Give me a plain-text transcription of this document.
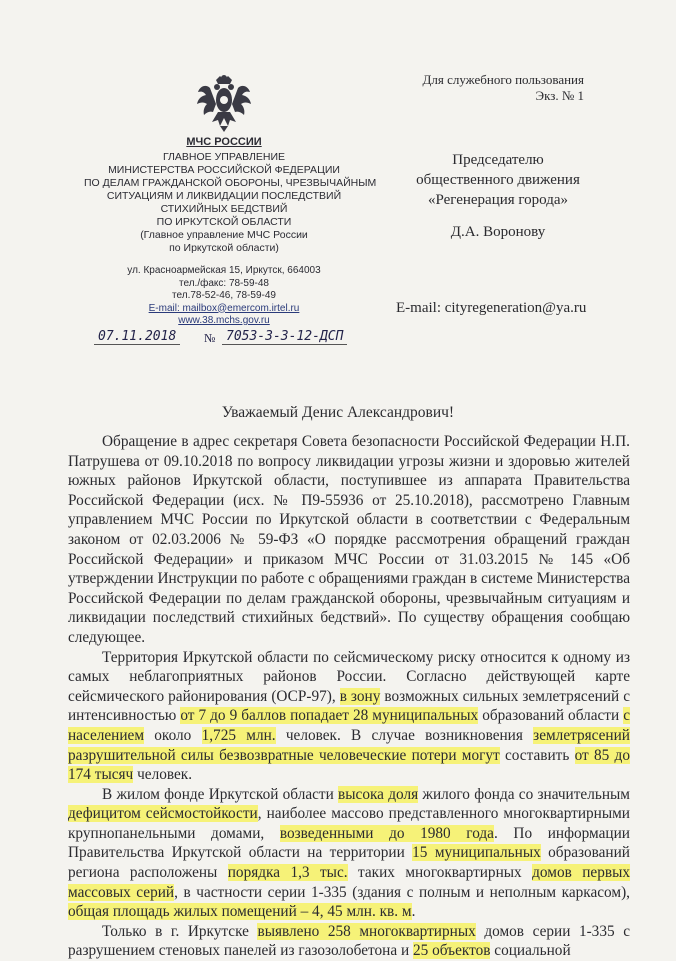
МЧС РОССИИ
ГЛАВНОЕ УПРАВЛЕНИЕ
МИНИСТЕРСТВА РОССИЙСКОЙ ФЕДЕРАЦИИ
ПО ДЕЛАМ ГРАЖДАНСКОЙ ОБОРОНЫ, ЧРЕЗВЫЧАЙНЫМ
СИТУАЦИЯМ И ЛИКВИДАЦИИ ПОСЛЕДСТВИЙ
СТИХИЙНЫХ БЕДСТВИЙ
ПО ИРКУТСКОЙ ОБЛАСТИ
(Главное управление МЧС России
по Иркутской области)
ул. Красноармейская 15, Иркутск, 664003
тел./факс: 78-59-48
тел.78-52-46, 78-59-49
E-mail: mailbox@emercom.irtel.ru
www.38.mchs.gov.ru
Для служебного пользования
Экз. № 1
Председателю
общественного движения
«Регенерация города»
Д.А. Воронову
E-mail: cityregeneration@ya.ru
07.11.2018	№ 7053-3-3-12-ДСП
Уважаемый Денис Александрович!

Обращение в адрес секретаря Совета безопасности Российской Федерации Н.П. Патрушева от 09.10.2018 по вопросу ликвидации угрозы жизни и здоровью жителей южных районов Иркутской области, поступившее из аппарата Правительства Российской Федерации (исх. № П9-55936 от 25.10.2018), рассмотрено Главным управлением МЧС России по Иркутской области в соответствии с Федеральным законом от 02.03.2006 № 59-ФЗ «О порядке рассмотрения обращений граждан Российской Федерации» и приказом МЧС России от 31.03.2015 № 145 «Об утверждении Инструкции по работе с обращениями граждан в системе Министерства Российской Федерации по делам гражданской обороны, чрезвычайным ситуациям и ликвидации последствий стихийных бедствий». По существу обращения сообщаю следующее.

Территория Иркутской области по сейсмическому риску относится к одному из самых неблагоприятных районов России. Согласно действующей карте сейсмического районирования (ОСР-97), в зону возможных сильных землетрясений с интенсивностью от 7 до 9 баллов попадает 28 муниципальных образований области с населением около 1,725 млн. человек. В случае возникновения землетрясений разрушительной силы безвозвратные человеческие потери могут составить от 85 до 174 тысяч человек.

В жилом фонде Иркутской области высока доля жилого фонда со значительным дефицитом сейсмостойкости, наиболее массово представленного многоквартирными крупнопанельными домами, возведенными до 1980 года. По информации Правительства Иркутской области на территории 15 муниципальных образований региона расположены порядка 1,3 тыс. таких многоквартирных домов первых массовых серий, в частности серии 1-335 (здания с полным и неполным каркасом), общая площадь жилых помещений – 4, 45 млн. кв. м.

Только в г. Иркутске выявлено 258 многоквартирных домов серии 1-335 с разрушением стеновых панелей из газозолобетона и 25 объектов социальной
